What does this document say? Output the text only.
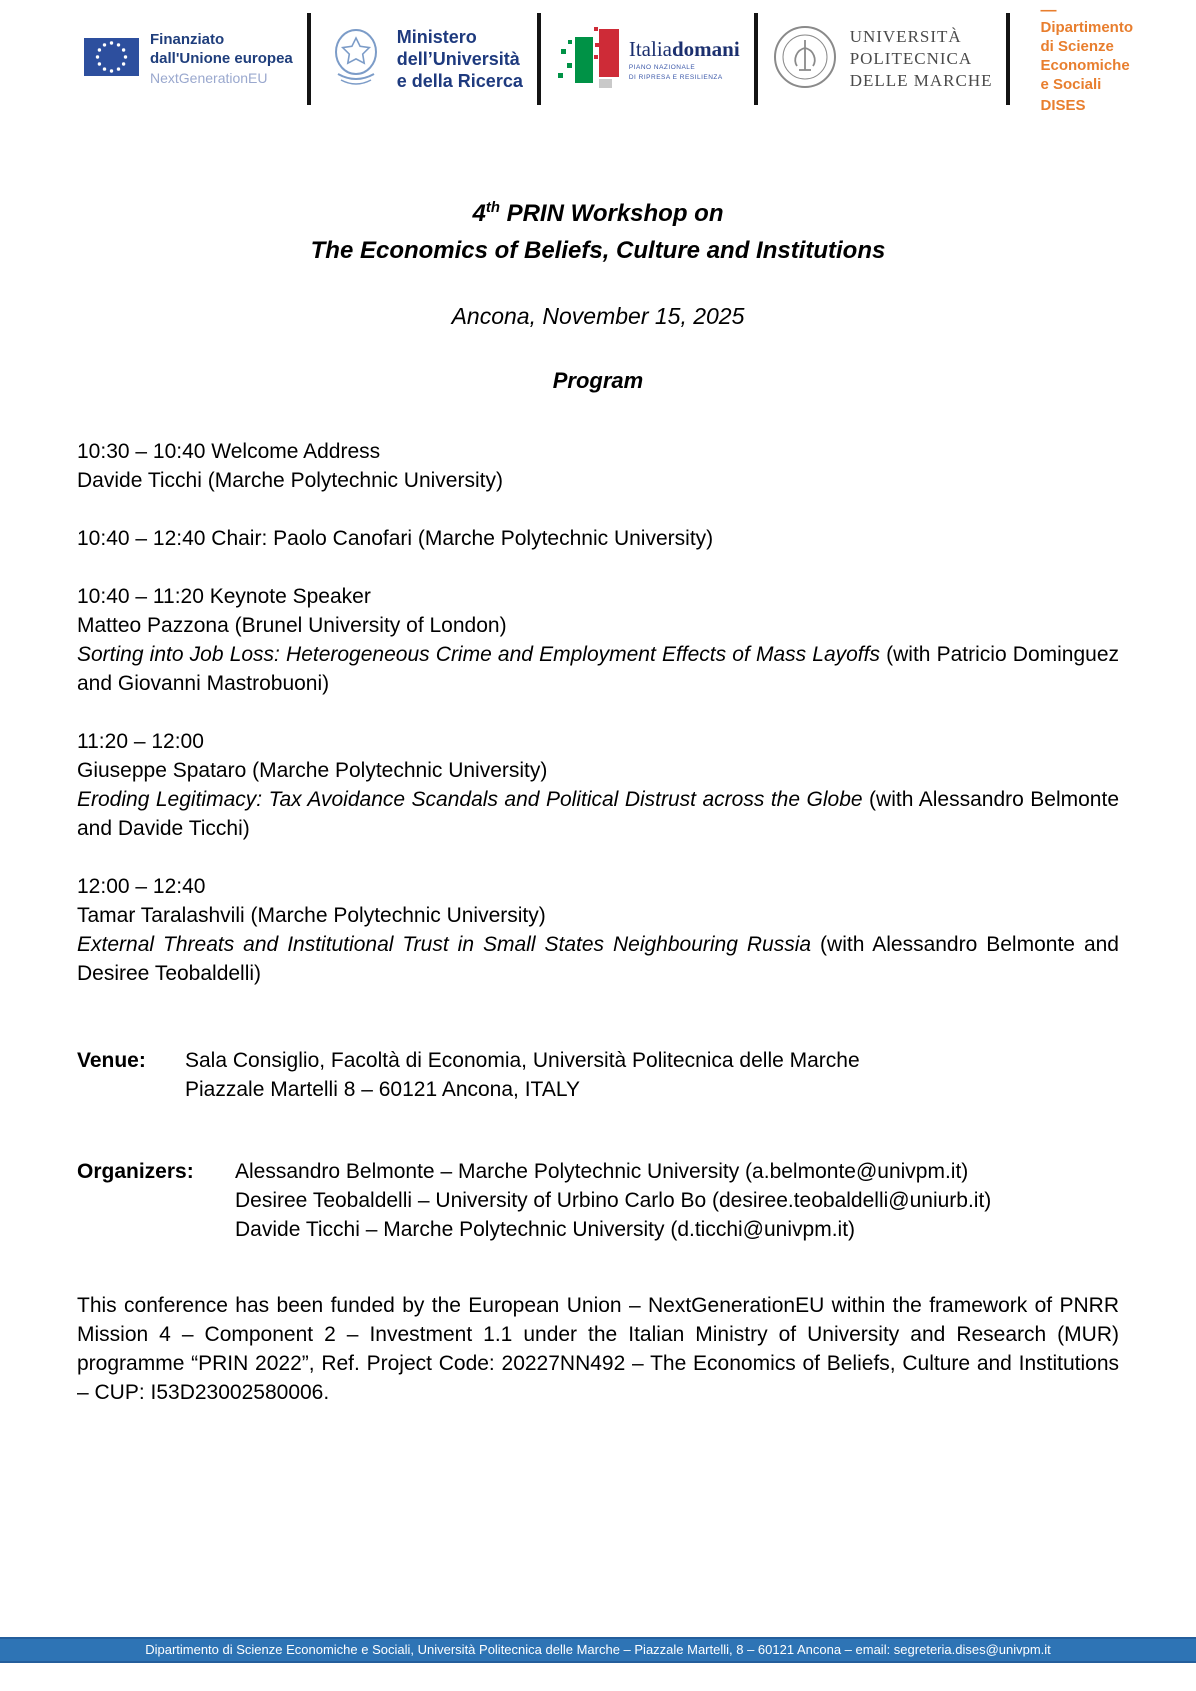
Finanziato
dall'Unione europea
NextGenerationEU
Ministero
dell’Università
e della Ricerca
Italiadomani
PIANO NAZIONALE
DI RIPRESA E RESILIENZA
UNIVERSITÀ
POLITECNICA
DELLE MARCHE
—
Dipartimento
di Scienze
Economiche
e Sociali
DISES
4th PRIN Workshop on
The Economics of Beliefs, Culture and Institutions
Ancona, November 15, 2025
Program
10:30 – 10:40 Welcome Address
Davide Ticchi (Marche Polytechnic University)
10:40 – 12:40 Chair: Paolo Canofari (Marche Polytechnic University)
10:40 – 11:20 Keynote Speaker
Matteo Pazzona (Brunel University of London)
Sorting into Job Loss: Heterogeneous Crime and Employment Effects of Mass Layoffs (with Patricio Dominguez and Giovanni Mastrobuoni)
11:20 – 12:00
Giuseppe Spataro (Marche Polytechnic University)
Eroding Legitimacy: Tax Avoidance Scandals and Political Distrust across the Globe (with Alessandro Belmonte and Davide Ticchi)
12:00 – 12:40
Tamar Taralashvili (Marche Polytechnic University)
External Threats and Institutional Trust in Small States Neighbouring Russia (with Alessandro Belmonte and Desiree Teobaldelli)
Venue:	Sala Consiglio, Facoltà di Economia, Università Politecnica delle Marche
Piazzale Martelli 8 – 60121 Ancona, ITALY
Organizers:	Alessandro Belmonte – Marche Polytechnic University (a.belmonte@univpm.it)
Desiree Teobaldelli – University of Urbino Carlo Bo (desiree.teobaldelli@uniurb.it)
Davide Ticchi – Marche Polytechnic University (d.ticchi@univpm.it)
This conference has been funded by the European Union – NextGenerationEU within the framework of PNRR Mission 4 – Component 2 – Investment 1.1 under the Italian Ministry of University and Research (MUR) programme “PRIN 2022”, Ref. Project Code: 20227NN492 – The Economics of Beliefs, Culture and Institutions – CUP: I53D23002580006.
Dipartimento di Scienze Economiche e Sociali, Università Politecnica delle Marche – Piazzale Martelli, 8 – 60121 Ancona – email: segreteria.dises@univpm.it
